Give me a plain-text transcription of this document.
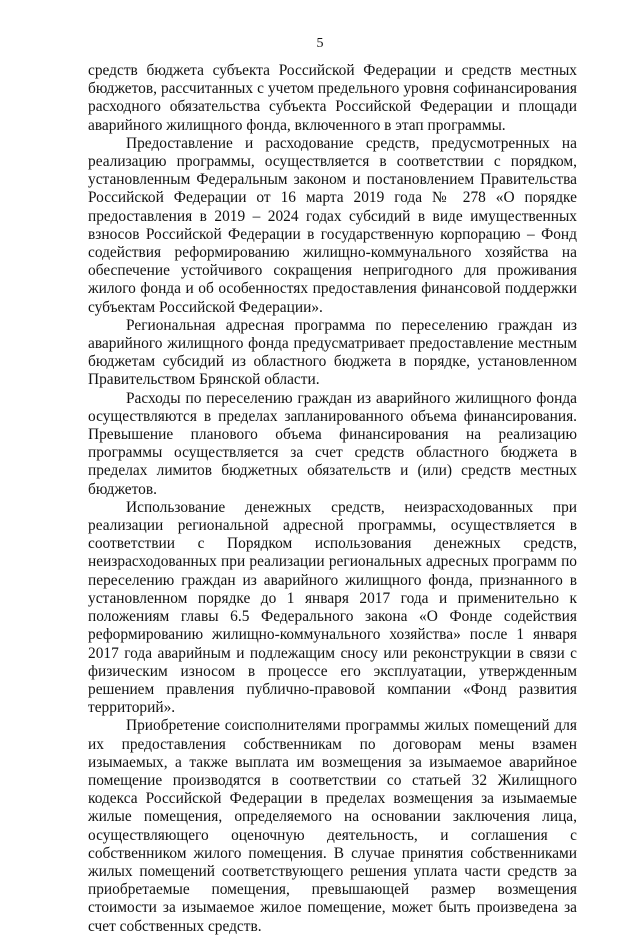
5

средств бюджета субъекта Российской Федерации и средств местных бюджетов, рассчитанных с учетом предельного уровня софинансирования расходного обязательства субъекта Российской Федерации и площади аварийного жилищного фонда, включенного в этап программы.

Предоставление и расходование средств, предусмотренных на реализацию программы, осуществляется в соответствии с порядком, установленным Федеральным законом и постановлением Правительства Российской Федерации от 16 марта 2019 года № 278 «О порядке предоставления в 2019 – 2024 годах субсидий в виде имущественных взносов Российской Федерации в государственную корпорацию – Фонд содействия реформированию жилищно-коммунального хозяйства на обеспечение устойчивого сокращения непригодного для проживания жилого фонда и об особенностях предоставления финансовой поддержки субъектам Российской Федерации».

Региональная адресная программа по переселению граждан из аварийного жилищного фонда предусматривает предоставление местным бюджетам субсидий из областного бюджета в порядке, установленном Правительством Брянской области.

Расходы по переселению граждан из аварийного жилищного фонда осуществляются в пределах запланированного объема финансирования. Превышение планового объема финансирования на реализацию программы осуществляется за счет средств областного бюджета в пределах лимитов бюджетных обязательств и (или) средств местных бюджетов.

Использование денежных средств, неизрасходованных при реализации региональной адресной программы, осуществляется в соответствии с Порядком использования денежных средств, неизрасходованных при реализации региональных адресных программ по переселению граждан из аварийного жилищного фонда, признанного в установленном порядке до 1 января 2017 года и применительно к положениям главы 6.5 Федерального закона «О Фонде содействия реформированию жилищно-коммунального хозяйства» после 1 января 2017 года аварийным и подлежащим сносу или реконструкции в связи с физическим износом в процессе его эксплуатации, утвержденным решением правления публично-правовой компании «Фонд развития территорий».

Приобретение соисполнителями программы жилых помещений для их предоставления собственникам по договорам мены взамен изымаемых, а также выплата им возмещения за изымаемое аварийное помещение производятся в соответствии со статьей 32 Жилищного кодекса Российской Федерации в пределах возмещения за изымаемые жилые помещения, определяемого на основании заключения лица, осуществляющего оценочную деятельность, и соглашения с собственником жилого помещения. В случае принятия собственниками жилых помещений соответствующего решения уплата части средств за приобретаемые помещения, превышающей размер возмещения стоимости за изымаемое жилое помещение, может быть произведена за счет собственных средств.
